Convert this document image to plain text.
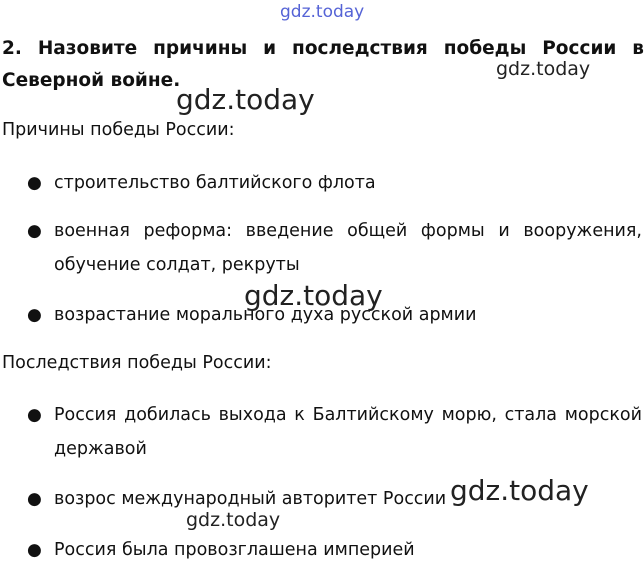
gdz.today
2. Назовите причины и последствия победы России в Северной войне.
gdz.today
gdz.today

Причины победы России:

● строительство балтийского флота
● военная реформа: введение общей формы и вооружения, обучение солдат, рекруты
● возрастание морального духа русской армии
gdz.today

Последствия победы России:

● Россия добилась выхода к Балтийскому морю, стала морской державой
● возрос международный авторитет России
● Россия была провозглашена империей
gdz.today
gdz.today
